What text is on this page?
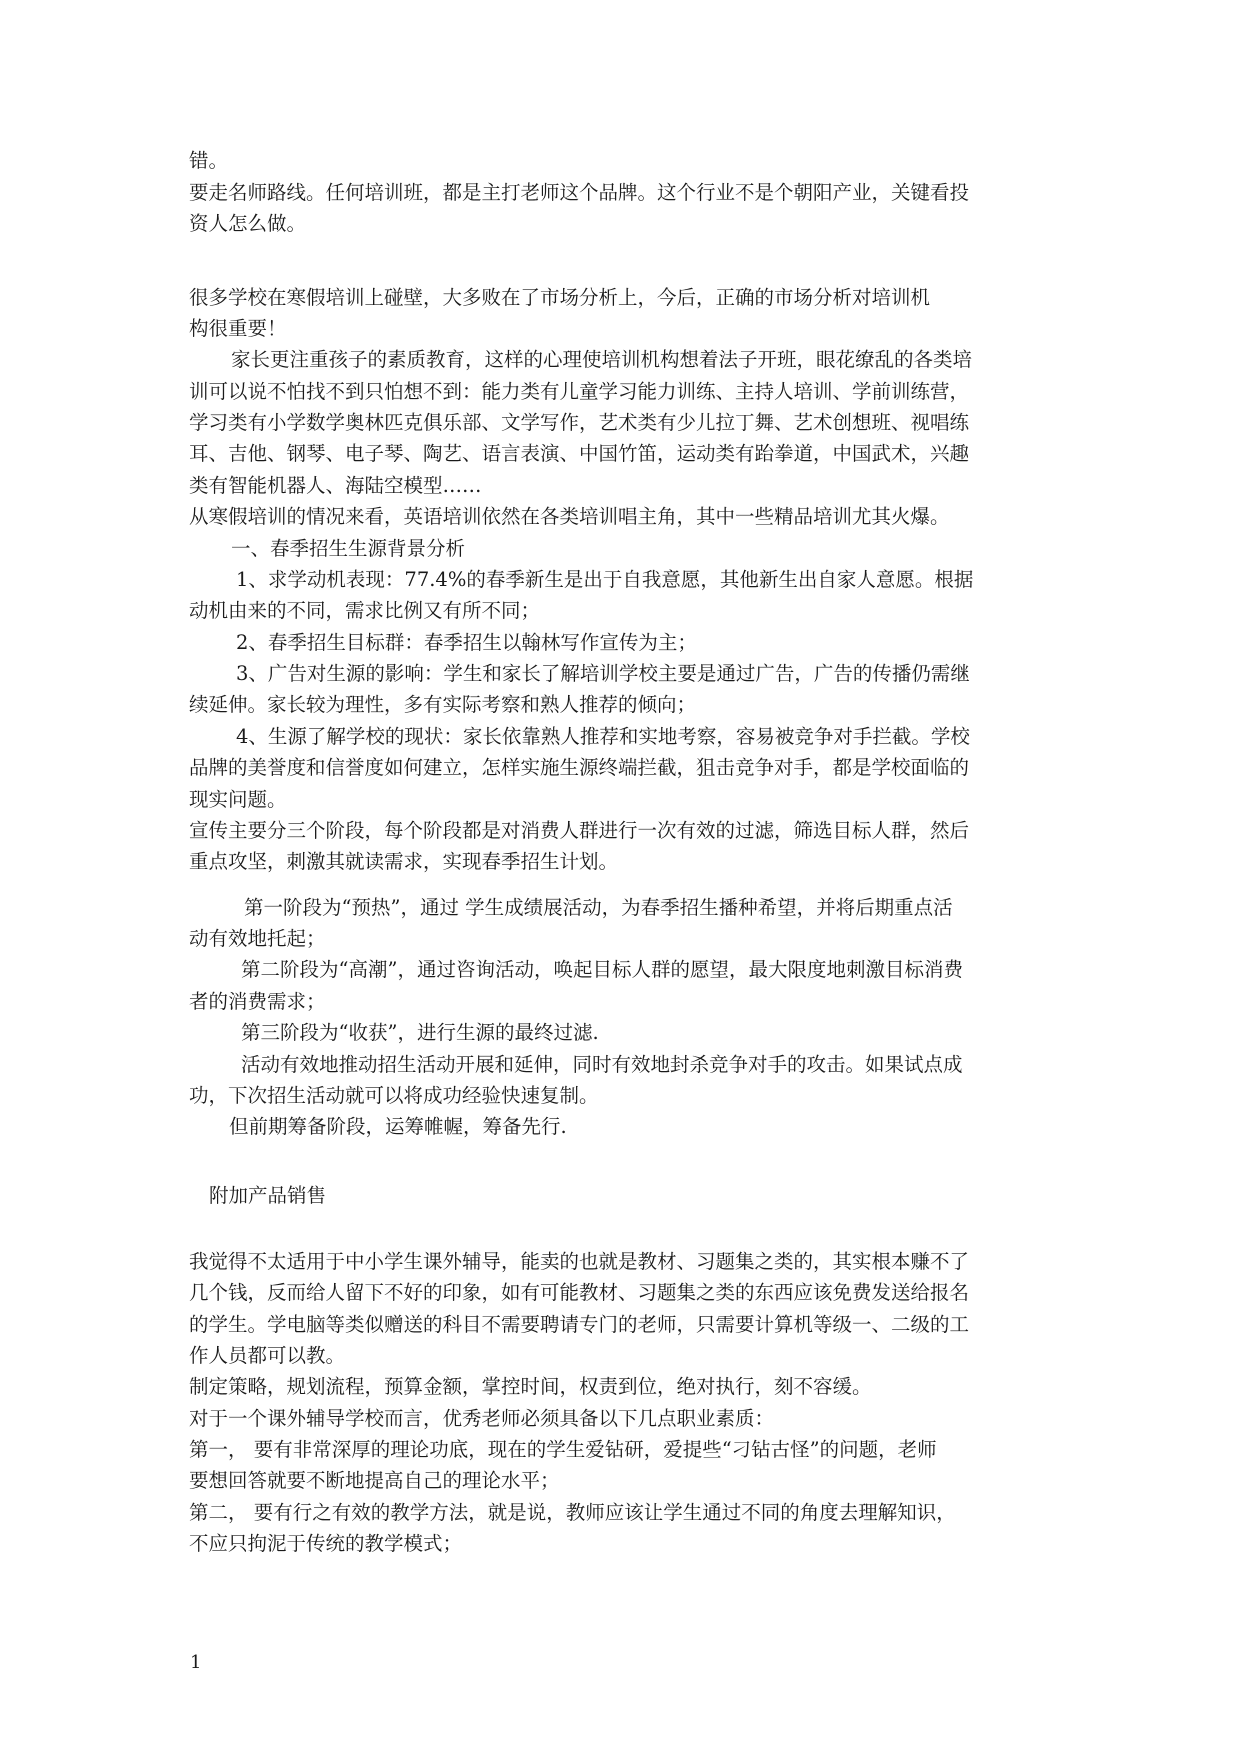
错。

要走名师路线。任何培训班，都是主打老师这个品牌。这个行业不是个朝阳产业，关键看投

资人怎么做。

很多学校在寒假培训上碰壁，大多败在了市场分析上，今后，正确的市场分析对培训机

构很重要！

家长更注重孩子的素质教育，这样的心理使培训机构想着法子开班，眼花缭乱的各类培

训可以说不怕找不到只怕想不到：能力类有儿童学习能力训练、主持人培训、学前训练营，

学习类有小学数学奥林匹克俱乐部、文学写作，艺术类有少儿拉丁舞、艺术创想班、视唱练

耳、吉他、钢琴、电子琴、陶艺、语言表演、中国竹笛，运动类有跆拳道，中国武术，兴趣

类有智能机器人、海陆空模型……

从寒假培训的情况来看，英语培训依然在各类培训唱主角，其中一些精品培训尤其火爆。

一、春季招生生源背景分析

1、求学动机表现：77.4%的春季新生是出于自我意愿，其他新生出自家人意愿。根据

动机由来的不同，需求比例又有所不同；

2、春季招生目标群：春季招生以翰林写作宣传为主；

3、广告对生源的影响：学生和家长了解培训学校主要是通过广告，广告的传播仍需继

续延伸。家长较为理性，多有实际考察和熟人推荐的倾向；

4、生源了解学校的现状：家长依靠熟人推荐和实地考察，容易被竞争对手拦截。学校

品牌的美誉度和信誉度如何建立，怎样实施生源终端拦截，狙击竞争对手，都是学校面临的

现实问题。

宣传主要分三个阶段，每个阶段都是对消费人群进行一次有效的过滤，筛选目标人群，然后

重点攻坚，刺激其就读需求，实现春季招生计划。

第一阶段为“预热”，通过 学生成绩展活动，为春季招生播种希望，并将后期重点活

动有效地托起；

第二阶段为“高潮”，通过咨询活动，唤起目标人群的愿望，最大限度地刺激目标消费

者的消费需求；

第三阶段为“收获”，进行生源的最终过滤.

活动有效地推动招生活动开展和延伸，同时有效地封杀竞争对手的攻击。如果试点成

功，下次招生活动就可以将成功经验快速复制。

但前期筹备阶段，运筹帷幄，筹备先行.

附加产品销售

我觉得不太适用于中小学生课外辅导，能卖的也就是教材、习题集之类的，其实根本赚不了

几个钱，反而给人留下不好的印象，如有可能教材、习题集之类的东西应该免费发送给报名

的学生。学电脑等类似赠送的科目不需要聘请专门的老师，只需要计算机等级一、二级的工

作人员都可以教。

制定策略，规划流程，预算金额，掌控时间，权责到位，绝对执行，刻不容缓。

对于一个课外辅导学校而言，优秀老师必须具备以下几点职业素质：

第一， 要有非常深厚的理论功底，现在的学生爱钻研，爱提些“刁钻古怪”的问题，老师

要想回答就要不断地提高自己的理论水平；

第二， 要有行之有效的教学方法，就是说，教师应该让学生通过不同的角度去理解知识，

不应只拘泥于传统的教学模式；

1
